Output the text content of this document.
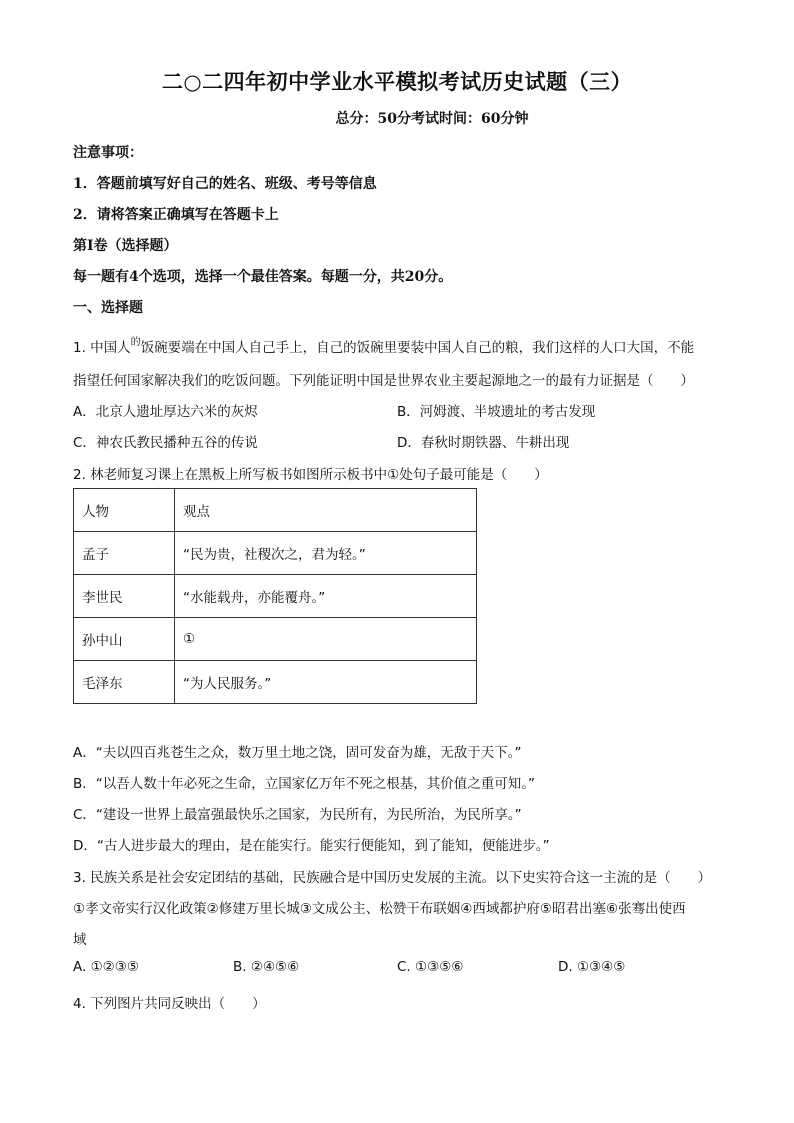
二○二四年初中学业水平模拟考试历史试题（三）
总分：50分考试时间：60分钟
注意事项：
1．答题前填写好自己的姓名、班级、考号等信息
2．请将答案正确填写在答题卡上
第Ⅰ卷（选择题）
每一题有4个选项，选择一个最佳答案。每题一分，共20分。
一、选择题
1. 中国人$^的$饭碗要端在中国人自己手上，自己的饭碗里要装中国人自己的粮，我们这样的人口大国，不能
指望任何国家解决我们的吃饭问题。下列能证明中国是世界农业主要起源地之一的最有力证据是（　　）
A．北京人遗址厚达六米的灰烬	B．河姆渡、半坡遗址的考古发现
C．神农氏教民播种五谷的传说	D．春秋时期铁器、牛耕出现
2. 林老师复习课上在黑板上所写板书如图所示板书中①处句子最可能是（　　）
人物	观点
孟子	“民为贵，社稷次之，君为轻。”
李世民	“水能载舟，亦能覆舟。”
孙中山	①
毛泽东	“为人民服务。”
A．“夫以四百兆苍生之众，数万里土地之饶，固可发奋为雄，无敌于天下。”
B．“以吾人数十年必死之生命，立国家亿万年不死之根基，其价值之重可知。”
C．“建设一世界上最富强最快乐之国家，为民所有，为民所治，为民所享。”
D．“古人进步最大的理由，是在能实行。能实行便能知，到了能知，便能进步。”
3. 民族关系是社会安定团结的基础，民族融合是中国历史发展的主流。以下史实符合这一主流的是（　　）
①孝文帝实行汉化政策②修建万里长城③文成公主、松赞干布联姻④西域都护府⑤昭君出塞⑥张骞出使西
域
A. ①②③⑤	B. ②④⑤⑥	C. ①③⑤⑥	D. ①③④⑤
4. 下列图片共同反映出（　　）
